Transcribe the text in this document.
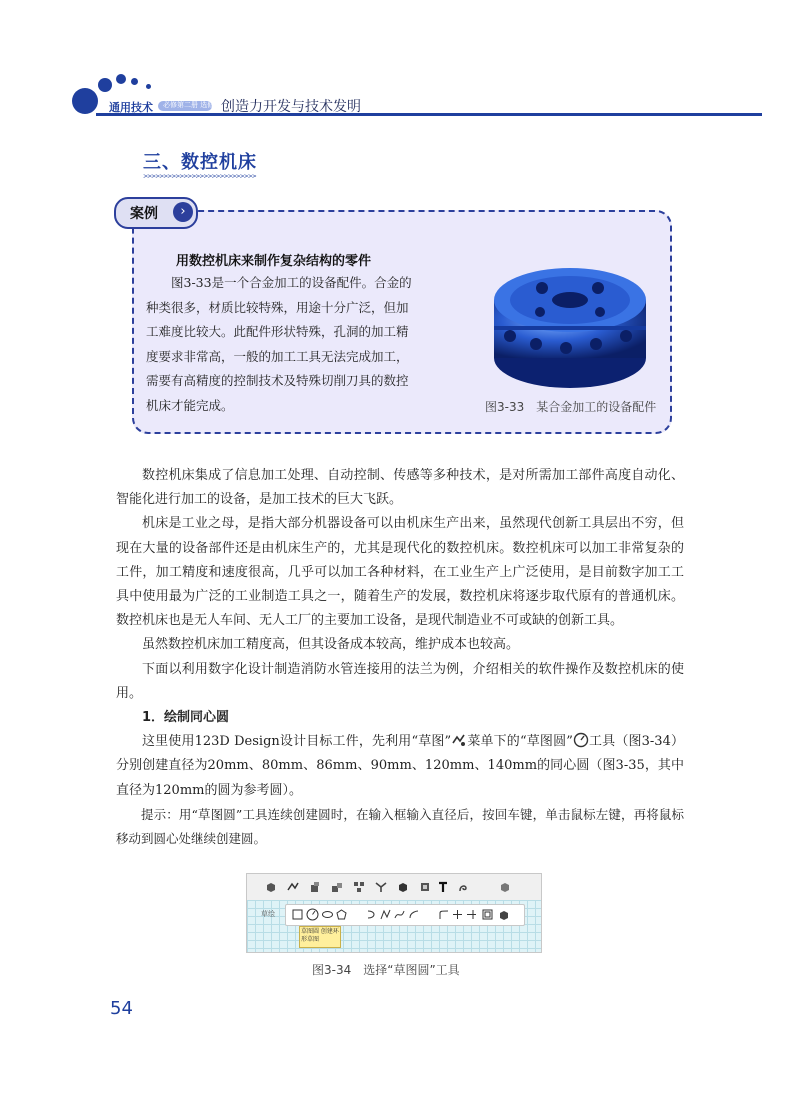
通用技术 必修第二册 选修 创造力开发与技术发明
三、数控机床
>>>>>>>>>>>>>>>>>>>>>>>>>>>>
案例	›
用数控机床来制作复杂结构的零件

　　图3-33是一个合金加工的设备配件。合金的

种类很多，材质比较特殊，用途十分广泛，但加

工难度比较大。此配件形状特殊，孔洞的加工精

度要求非常高，一般的加工工具无法完成加工，

需要有高精度的控制技术及特殊切削刀具的数控

机床才能完成。	图3-33　某合金加工的设备配件

数控机床集成了信息加工处理、自动控制、传感等多种技术，是对所需加工部件高度自动化、智能化进行加工的设备，是加工技术的巨大飞跃。

机床是工业之母，是指大部分机器设备可以由机床生产出来，虽然现代创新工具层出不穷，但现在大量的设备部件还是由机床生产的，尤其是现代化的数控机床。数控机床可以加工非常复杂的工件，加工精度和速度很高，几乎可以加工各种材料，在工业生产上广泛使用，是目前数字加工工具中使用最为广泛的工业制造工具之一，随着生产的发展，数控机床将逐步取代原有的普通机床。数控机床也是无人车间、无人工厂的主要加工设备，是现代制造业不可或缺的创新工具。

虽然数控机床加工精度高，但其设备成本较高，维护成本也较高。

下面以利用数字化设计制造消防水管连接用的法兰为例，介绍相关的软件操作及数控机床的使用。

1．绘制同心圆

这里使用123D Design设计目标工件，先利用“草图” 菜单下的“草图圆” 工具（图3-34）分别创建直径为20mm、80mm、86mm、90mm、120mm、140mm的同心圆（图3-35，其中直径为120mm的圆为参考圆）。

提示：用“草图圆”工具连续创建圆时，在输入框输入直径后，按回车键，单击鼠标左键，再将鼠标移动到圆心处继续创建圆。

草绘
草图圆 创建环形草图
图3-34　选择“草图圆”工具
54
